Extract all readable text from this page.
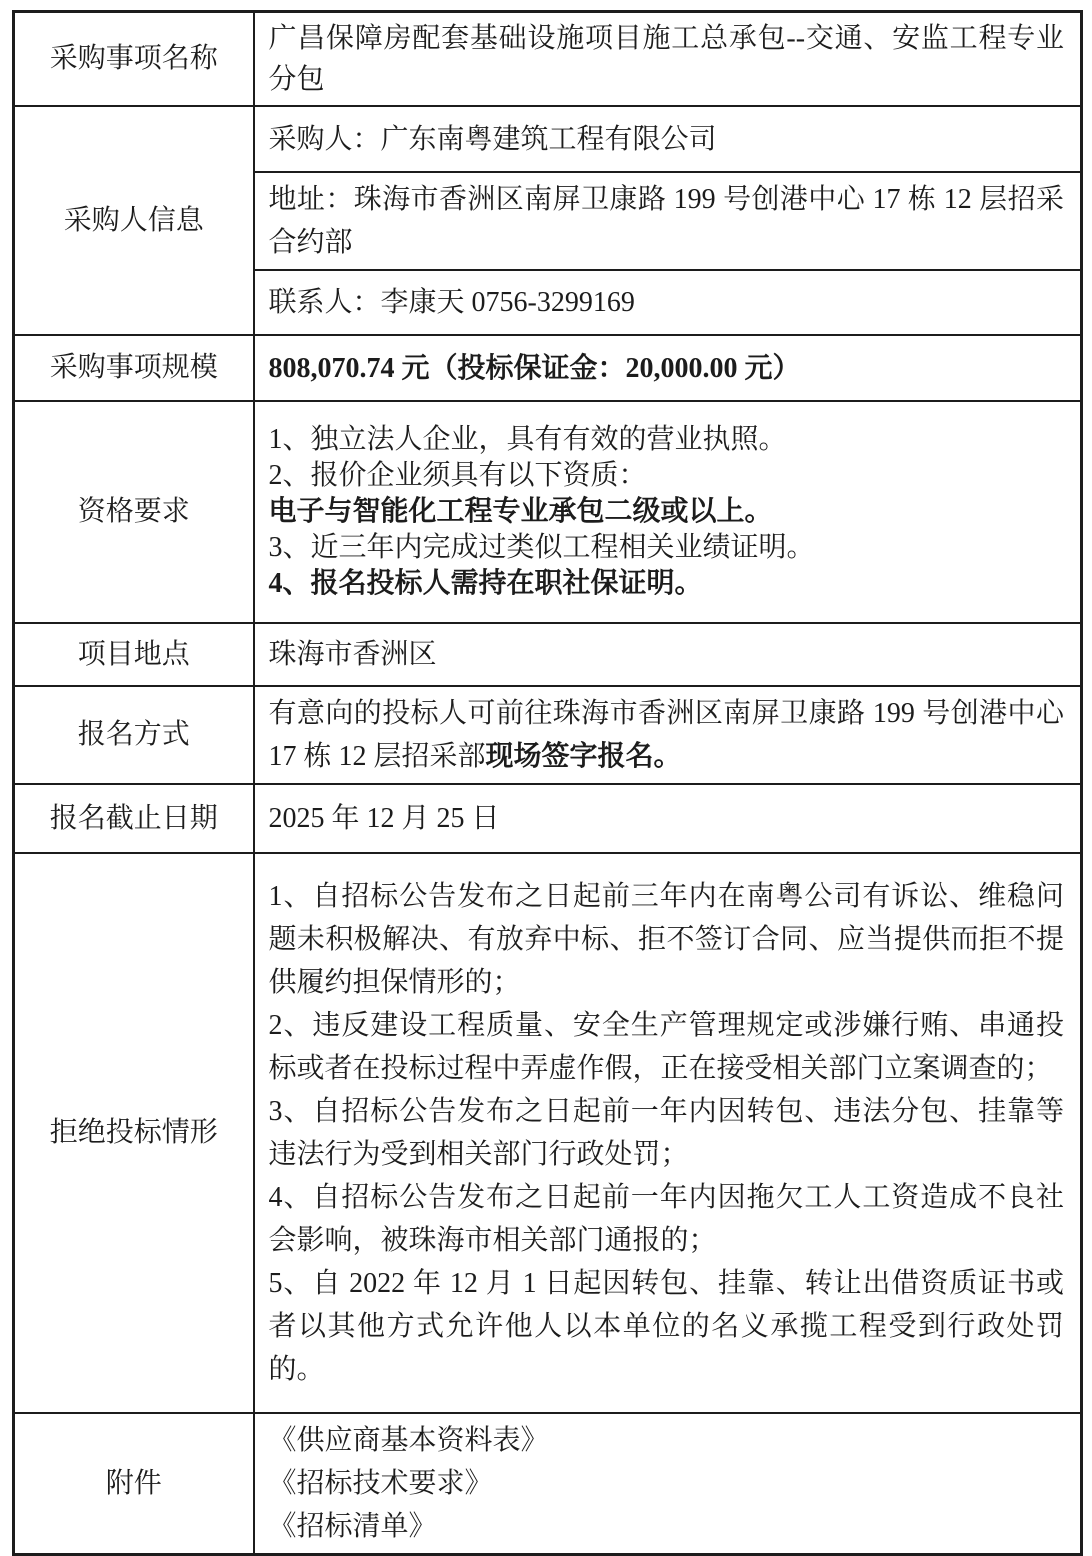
采购事项名称	广昌保障房配套基础设施项目施工总承包--交通、安监工程专业分包

采购人信息	采购人：广东南粤建筑工程有限公司

	地址：珠海市香洲区南屏卫康路 199 号创港中心 17 栋 12 层招采合约部

	联系人：李康天 0756-3299169

采购事项规模	808,070.74 元（投标保证金：20,000.00 元）

资格要求	1、独立法人企业，具有有效的营业执照。

2、报价企业须具有以下资质：

电子与智能化工程专业承包二级或以上。

3、近三年内完成过类似工程相关业绩证明。

4、报名投标人需持在职社保证明。

项目地点	珠海市香洲区

报名方式	有意向的投标人可前往珠海市香洲区南屏卫康路 199 号创港中心 17 栋 12 层招采部现场签字报名。

报名截止日期	2025 年 12 月 25 日

拒绝投标情形	1、自招标公告发布之日起前三年内在南粤公司有诉讼、维稳问题未积极解决、有放弃中标、拒不签订合同、应当提供而拒不提供履约担保情形的；

2、违反建设工程质量、安全生产管理规定或涉嫌行贿、串通投标或者在投标过程中弄虚作假，正在接受相关部门立案调查的；

3、自招标公告发布之日起前一年内因转包、违法分包、挂靠等违法行为受到相关部门行政处罚；

4、自招标公告发布之日起前一年内因拖欠工人工资造成不良社会影响，被珠海市相关部门通报的；

5、自 2022 年 12 月 1 日起因转包、挂靠、转让出借资质证书或者以其他方式允许他人以本单位的名义承揽工程受到行政处罚的。

附件	《供应商基本资料表》

《招标技术要求》

《招标清单》
